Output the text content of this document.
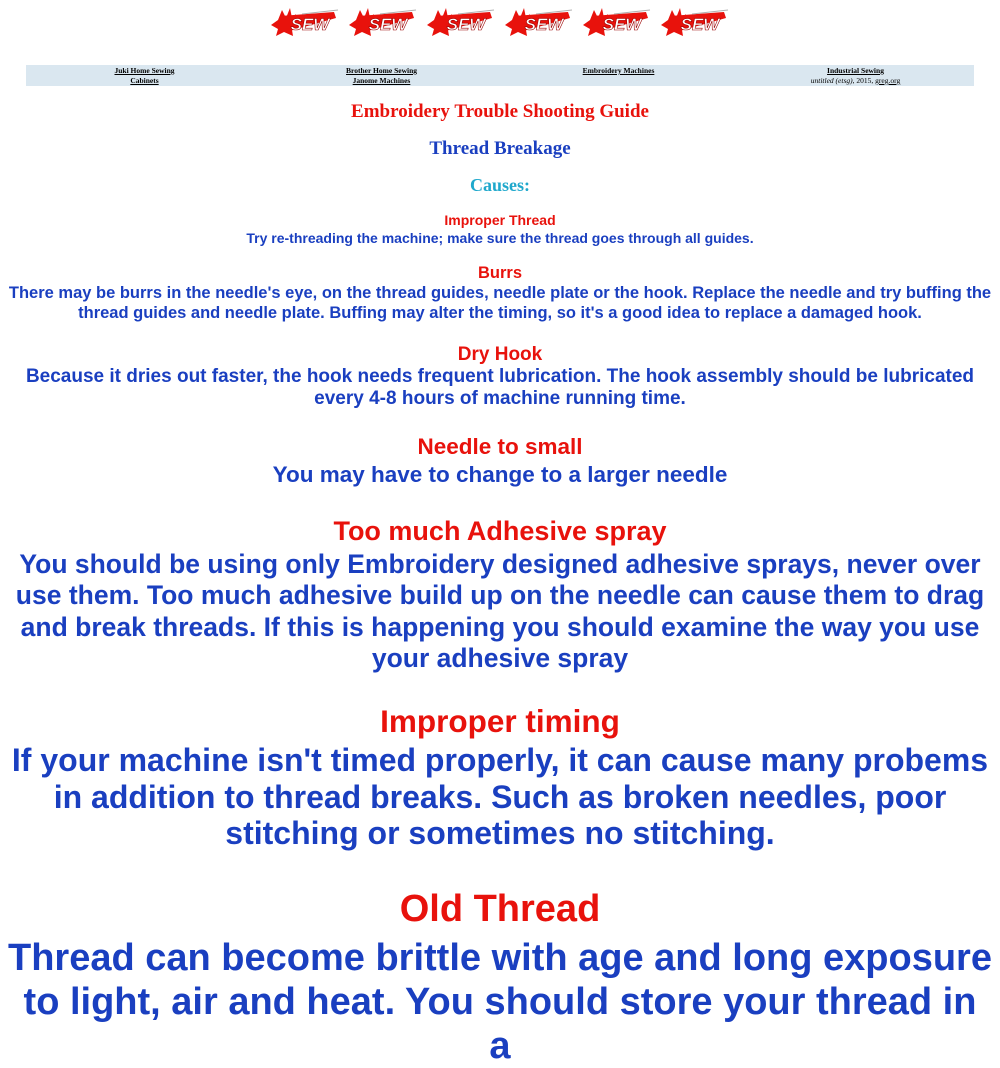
SEW SEW SEW SEW SEW SEW
Juki Home Sewing
Cabinets
Brother Home Sewing
Janome Machines
Embroidery Machines	Industrial Sewing
untitled (etsg), 2015, greg.org
Embroidery Trouble Shooting Guide
Thread Breakage
Causes:
Improper Thread
Try re-threading the machine; make sure the thread goes through all guides.
Burrs
There may be burrs in the needle's eye, on the thread guides, needle plate or the hook. Replace the needle and try buffing the thread guides and needle plate. Buffing may alter the timing, so it's a good idea to replace a damaged hook.
Dry Hook
Because it dries out faster, the hook needs frequent lubrication. The hook assembly should be lubricated every 4-8 hours of machine running time.
Needle to small
You may have to change to a larger needle
Too much Adhesive spray
You should be using only Embroidery designed adhesive sprays, never over use them. Too much adhesive build up on the needle can cause them to drag and break threads. If this is happening you should examine the way you use your adhesive spray
Improper timing
If your machine isn't timed properly, it can cause many probems in addition to thread breaks. Such as broken needles, poor stitching or sometimes no stitching.
Old Thread
Thread can become brittle with age and long exposure to light, air and heat. You should store your thread in a
